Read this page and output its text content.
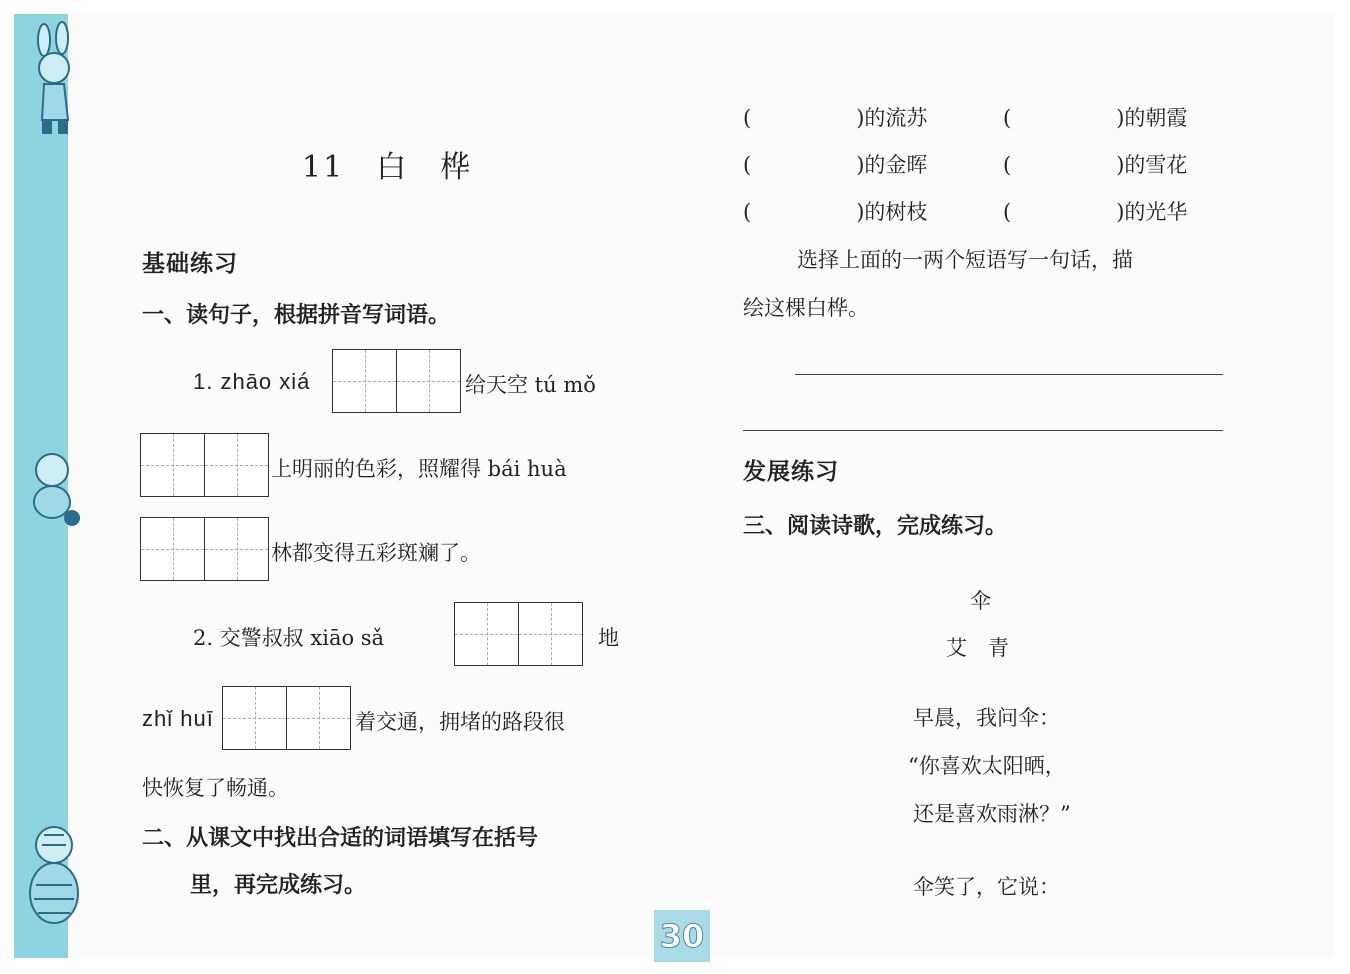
11　 白　桦
基础练习
一、读句子，根据拼音写词语。
1. zhāo xiá	给天空 tú mǒ
上明丽的色彩，照耀得 bái huà
林都变得五彩斑斓了。
2. 交警叔叔 xiāo sǎ	地
zhǐ huī	着交通，拥堵的路段很
快恢复了畅通。
二、从课文中找出合适的词语填写在括号
里，再完成练习。
(　　　　　)的流苏	(　　　　　)的朝霞
(　　　　　)的金晖	(　　　　　)的雪花
(　　　　　)的树枝	(　　　　　)的光华
选择上面的一两个短语写一句话，描
绘这棵白桦。
发展练习
三、阅读诗歌，完成练习。
伞
艾　青
早晨，我问伞：
“你喜欢太阳晒，
还是喜欢雨淋？”
伞笑了，它说：
30
